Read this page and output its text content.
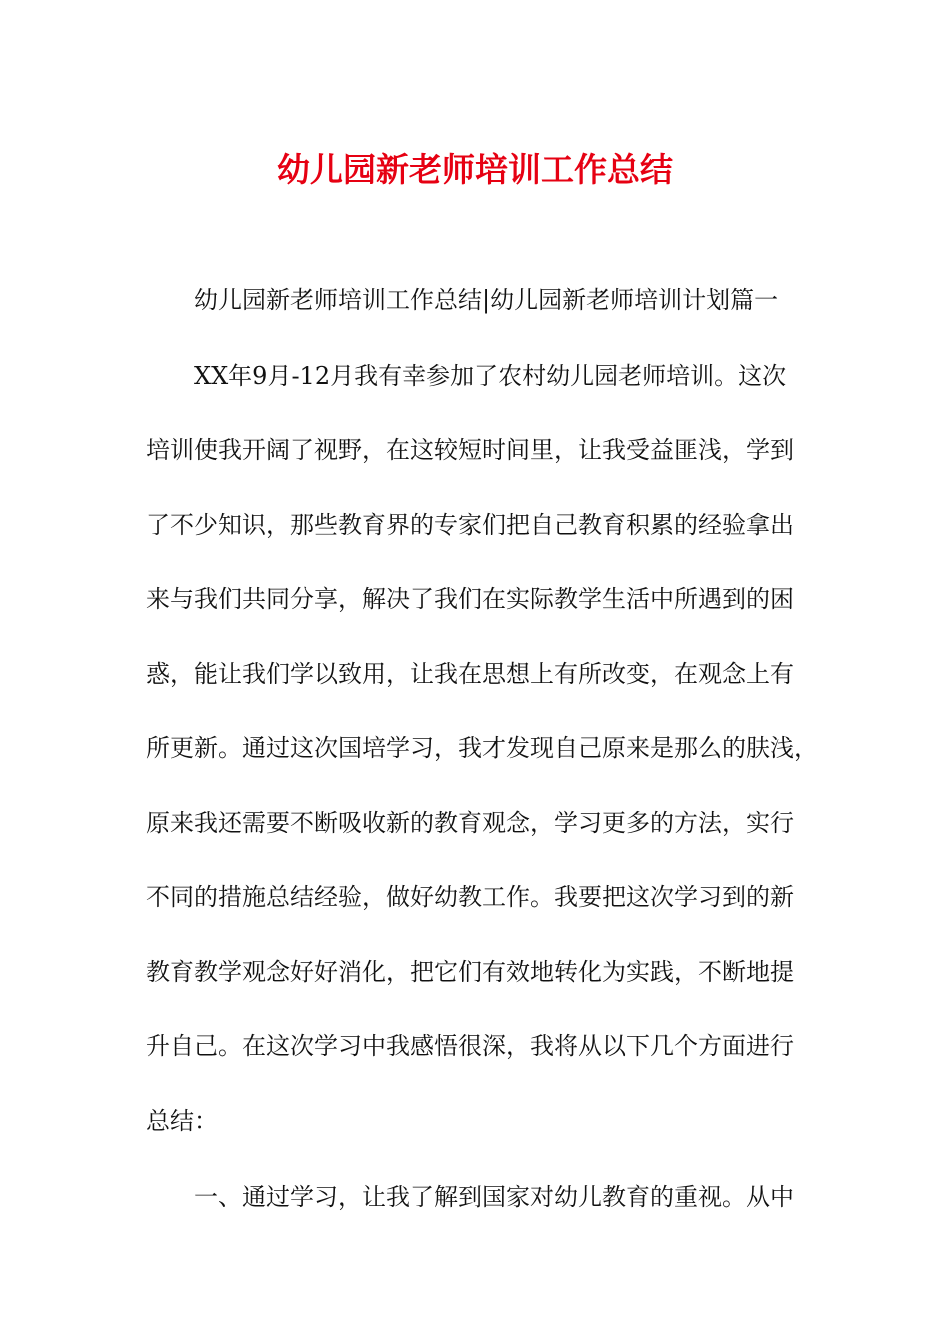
幼儿园新老师培训工作总结
幼儿园新老师培训工作总结|幼儿园新老师培训计划篇一
XX年9月-12月我有幸参加了农村幼儿园老师培训。这次
培训使我开阔了视野，在这较短时间里，让我受益匪浅，学到
了不少知识，那些教育界的专家们把自己教育积累的经验拿出
来与我们共同分享，解决了我们在实际教学生活中所遇到的困
惑，能让我们学以致用，让我在思想上有所改变，在观念上有
所更新。通过这次国培学习，我才发现自己原来是那么的肤浅，
原来我还需要不断吸收新的教育观念，学习更多的方法，实行
不同的措施总结经验，做好幼教工作。我要把这次学习到的新
教育教学观念好好消化，把它们有效地转化为实践，不断地提
升自己。在这次学习中我感悟很深，我将从以下几个方面进行
总结：
一、通过学习，让我了解到国家对幼儿教育的重视。从中
